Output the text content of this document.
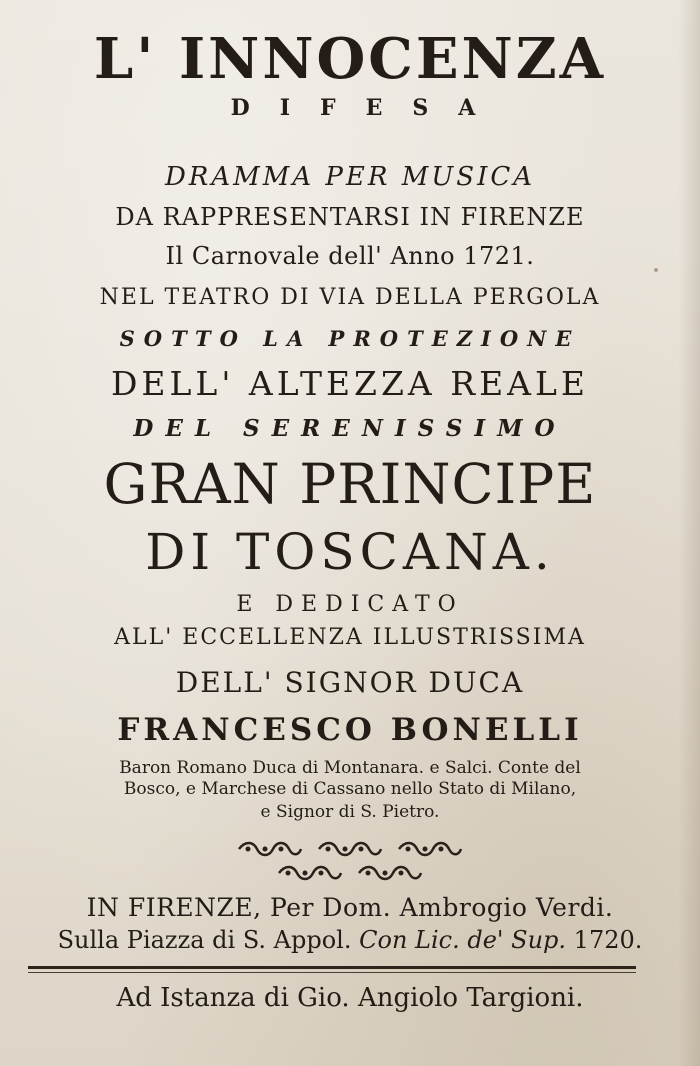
L' INNOCENZA
DIFESA
DRAMMA PER MUSICA
DA RAPPRESENTARSI IN FIRENZE
Il Carnovale dell' Anno 1721.
NEL TEATRO DI VIA DELLA PERGOLA
SOTTO LA PROTEZIONE
DELL' ALTEZZA REALE
DEL SERENISSIMO
GRAN PRINCIPE
DI TOSCANA.
E DEDICATO
ALL' ECCELLENZA ILLUSTRISSIMA
DELL' SIGNOR DUCA
FRANCESCO BONELLI
Baron Romano Duca di Montanara. e Salci. Conte del
Bosco, e Marchese di Cassano nello Stato di Milano,
e Signor di S. Pietro.
IN FIRENZE, Per Dom. Ambrogio Verdi.
Sulla Piazza di S. Appol. Con Lic. de' Sup. 1720.
Ad Istanza di Gio. Angiolo Targioni.
